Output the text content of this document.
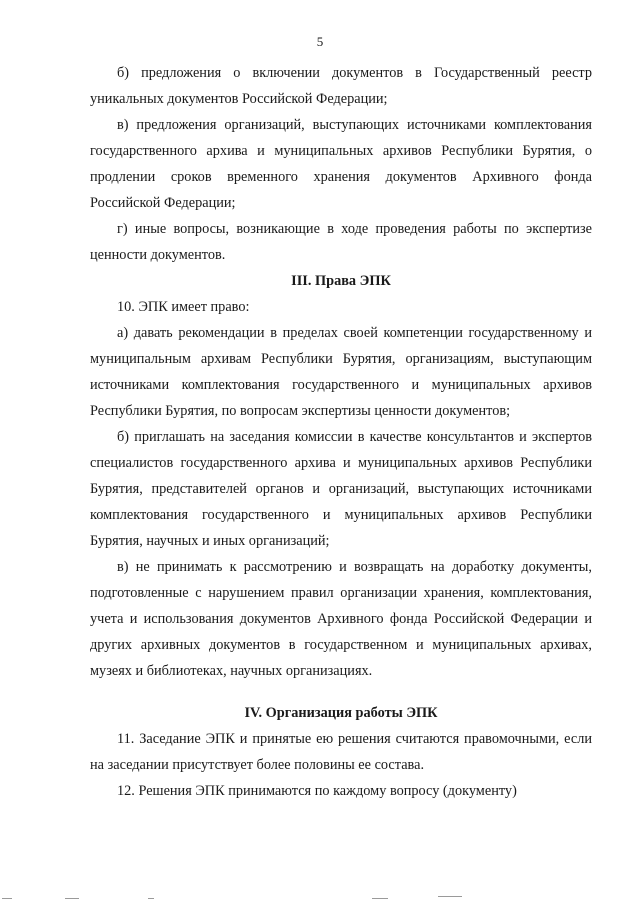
5

б) предложения о включении документов в Государственный реестр уникальных документов Российской Федерации;

в) предложения организаций, выступающих источниками комплектования государственного архива и муниципальных архивов Республики Бурятия, о продлении сроков временного хранения документов Архивного фонда Российской Федерации;

г) иные вопросы, возникающие в ходе проведения работы по экспертизе ценности документов.

III. Права ЭПК

10. ЭПК имеет право:

а) давать рекомендации в пределах своей компетенции государственному и муниципальным архивам Республики Бурятия, организациям, выступающим источниками комплектования государственного и муниципальных архивов Республики Бурятия, по вопросам экспертизы ценности документов;

б) приглашать на заседания комиссии в качестве консультантов и экспертов специалистов государственного архива и муниципальных архивов Республики Бурятия, представителей органов и организаций, выступающих источниками комплектования государственного и муниципальных архивов Республики Бурятия, научных и иных организаций;

в) не принимать к рассмотрению и возвращать на доработку документы, подготовленные с нарушением правил организации хранения, комплектования, учета и использования документов Архивного фонда Российской Федерации и других архивных документов в государственном и муниципальных архивах, музеях и библиотеках, научных организациях.

IV. Организация работы ЭПК

11. Заседание ЭПК и принятые ею решения считаются правомочными, если на заседании присутствует более половины ее состава.

12. Решения ЭПК принимаются по каждому вопросу (документу)
